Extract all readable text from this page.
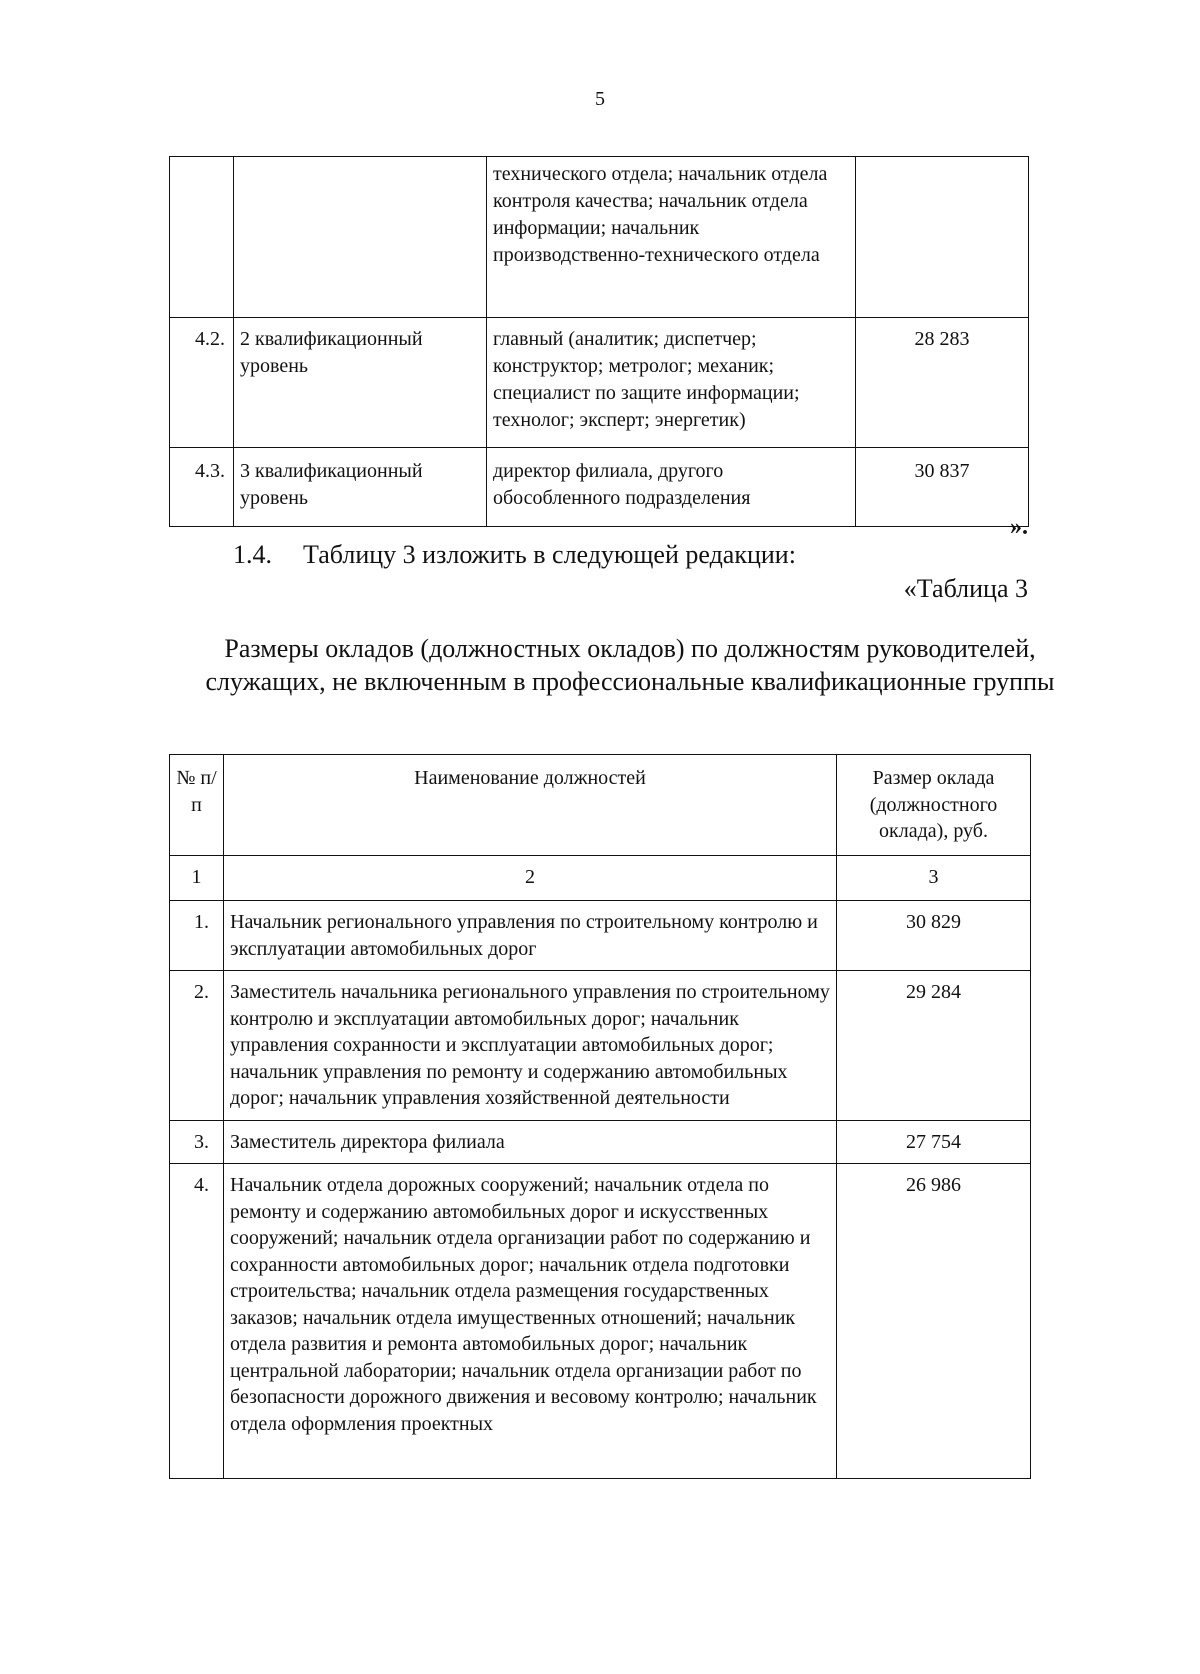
5
		технического отдела; начальник отдела контроля качества; начальник отдела информации; начальник производственно-технического отдела	
4.2.	2 квалификационный уровень	главный (аналитик; диспетчер; конструктор; метролог; механик; специалист по защите информации; технолог; эксперт; энергетик)	28 283
4.3.	3 квалификационный уровень	директор филиала, другого обособленного подразделения	30 837
».
1.4. Таблицу 3 изложить в следующей редакции:
«Таблица 3
Размеры окладов (должностных окладов) по должностям руководителей, служащих, не включенным в профессиональные квалификационные группы
№ п/п	Наименование должностей	Размер оклада (должностного оклада), руб.
1	2	3
1.	Начальник регионального управления по строительному контролю и эксплуатации автомобильных дорог	30 829
2.	Заместитель начальника регионального управления по строительному контролю и эксплуатации автомобильных дорог; начальник управления сохранности и эксплуатации автомобильных дорог; начальник управления по ремонту и содержанию автомобильных дорог; начальник управления хозяйственной деятельности	29 284
3.	Заместитель директора филиала	27 754
4.	Начальник отдела дорожных сооружений; начальник отдела по ремонту и содержанию автомобильных дорог и искусственных сооружений; начальник отдела организации работ по содержанию и сохранности автомобильных дорог; начальник отдела подготовки строительства; начальник отдела размещения государственных заказов; начальник отдела имущественных отношений; начальник отдела развития и ремонта автомобильных дорог; начальник центральной лаборатории; начальник отдела организации работ по безопасности дорожного движения и весовому контролю; начальник отдела оформления проектных	26 986
